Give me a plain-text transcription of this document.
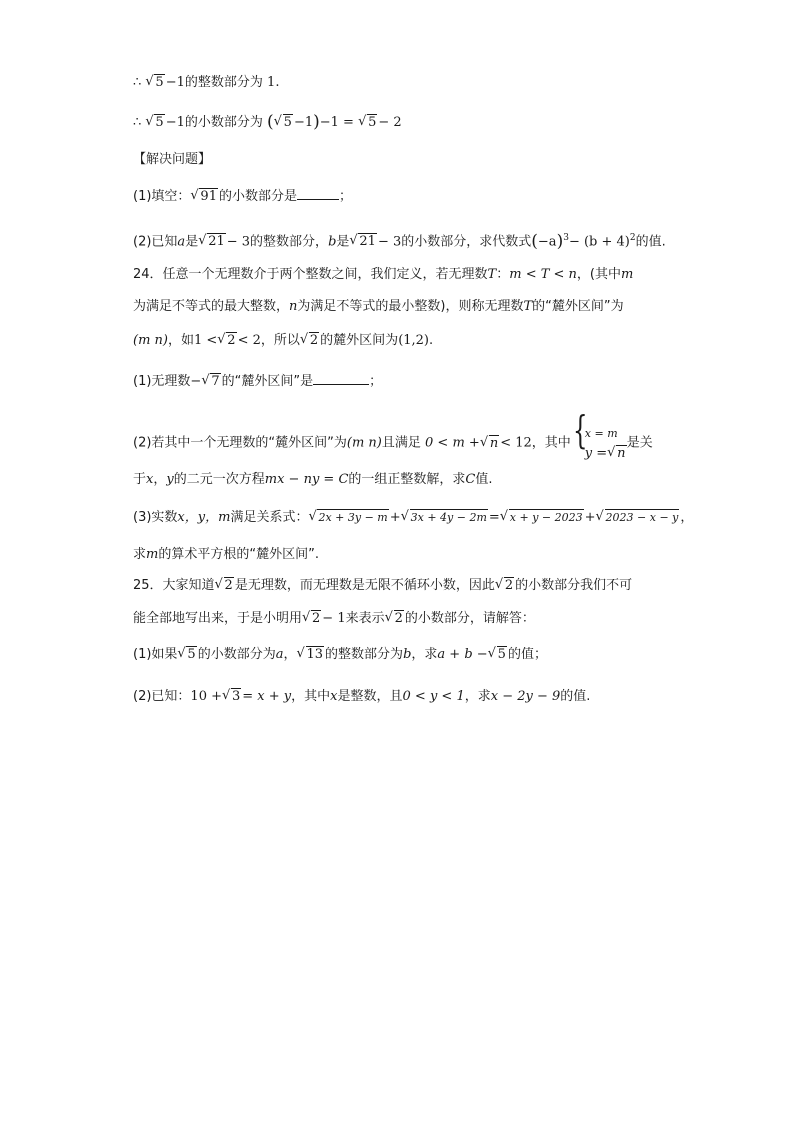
∴ √ 5 −1的整数部分为 1.
∴ √ 5 −1的小数部分为 ( √ 5 −1)−1 = √ 5 − 2
【解决问题】
(1)填空： √ 91 的小数部分是	；
(2)已知a是 √ 21 − 3的整数部分，b是 √ 21 − 3的小数部分，求代数式$(-a)^3- (b + 4)^2$的值.
24．任意一个无理数介于两个整数之间，我们定义，若无理数T：m < T < n，(其中m
为满足不等式的最大整数，n为满足不等式的最小整数)，则称无理数T的“麓外区间”为
(m n)，如1 < √ 2 < 2，所以 √ 2 的麓外区间为(1,2).
(1)无理数− √ 7 的“麓外区间”是	；
(2)若其中一个无理数的“麓外区间”为(m n)且满足 0 < m + √ n < 12，其中 {
x = m
y = √ n
是关
于x，y的二元一次方程mx − ny = C的一组正整数解，求C值.
(3)实数x，y，m满足关系式： √ 2x + 3y − m + √ 3x + 4y − 2m = √ x + y − 2023 + √ 2023 − x − y ，
求m的算术平方根的“麓外区间”.
25．大家知道 √ 2 是无理数，而无理数是无限不循环小数，因此 √ 2 的小数部分我们不可
能全部地写出来，于是小明用 √ 2 − 1来表示 √ 2 的小数部分，请解答：
(1)如果 √ 5 的小数部分为a， √ 13 的整数部分为b，求a + b − √ 5 的值；
(2)已知：10 + √ 3 = x + y，其中x是整数，且0 < y < 1，求x − 2y − 9的值.
